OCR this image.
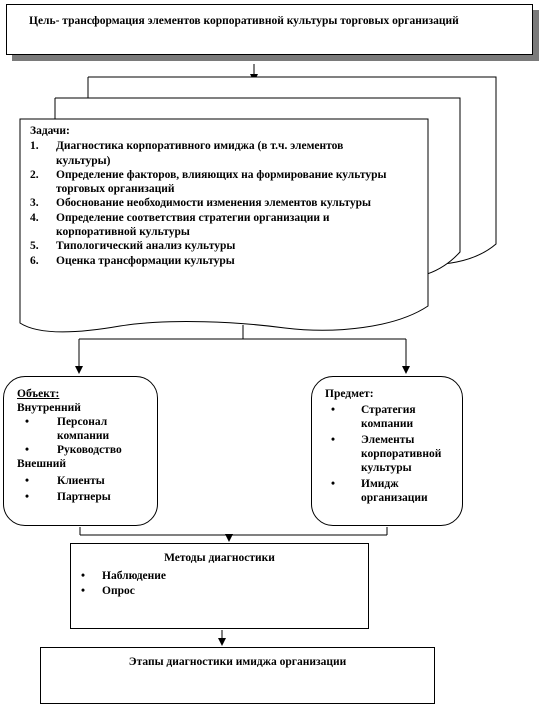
Цель- трансформация элементов корпоративной культуры торговых организаций
Задачи:
1. Диагностика корпоративного имиджа (в т.ч. элементов
культуры)
2. Определение факторов, влияющих на формирование культуры
торговых организаций
3. Обоснование необходимости изменения элементов культуры
4. Определение соответствия стратегии организации и
корпоративной культуры
5. Типологический анализ культуры
6. Оценка трансформации культуры
Объект:
Внутренний
• Персонал компании
• Руководство
Внешний
• Клиенты
• Партнеры
Предмет:
• Стратегия компании
• Элементы корпоративной культуры
• Имидж организации
Методы диагностики
• Наблюдение
• Опрос
Этапы диагностики имиджа организации
